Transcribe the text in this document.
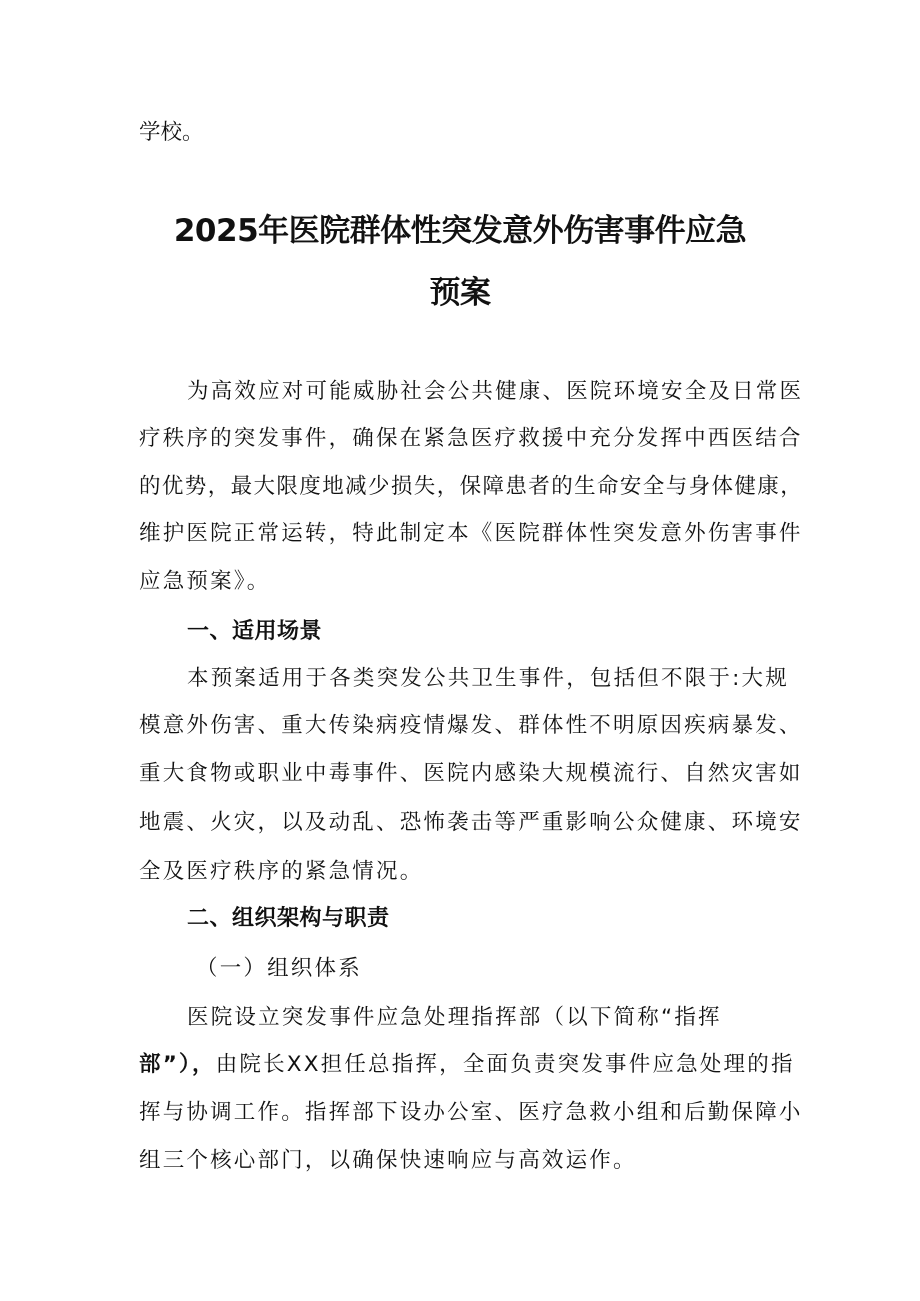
学校。
2025年医院群体性突发意外伤害事件应急
预案
为高效应对可能威胁社会公共健康、医院环境安全及日常医
疗秩序的突发事件，确保在紧急医疗救援中充分发挥中西医结合
的优势，最大限度地减少损失，保障患者的生命安全与身体健康，
维护医院正常运转，特此制定本《医院群体性突发意外伤害事件
应急预案》。
一、适用场景
本预案适用于各类突发公共卫生事件，包括但不限于:大规
模意外伤害、重大传染病疫情爆发、群体性不明原因疾病暴发、
重大食物或职业中毒事件、医院内感染大规模流行、自然灾害如
地震、火灾，以及动乱、恐怖袭击等严重影响公众健康、环境安
全及医疗秩序的紧急情况。
二、组织架构与职责
（一）组织体系
医院设立突发事件应急处理指挥部（以下简称“指挥
部”），由院长XX担任总指挥，全面负责突发事件应急处理的指
挥与协调工作。指挥部下设办公室、医疗急救小组和后勤保障小
组三个核心部门，以确保快速响应与高效运作。
